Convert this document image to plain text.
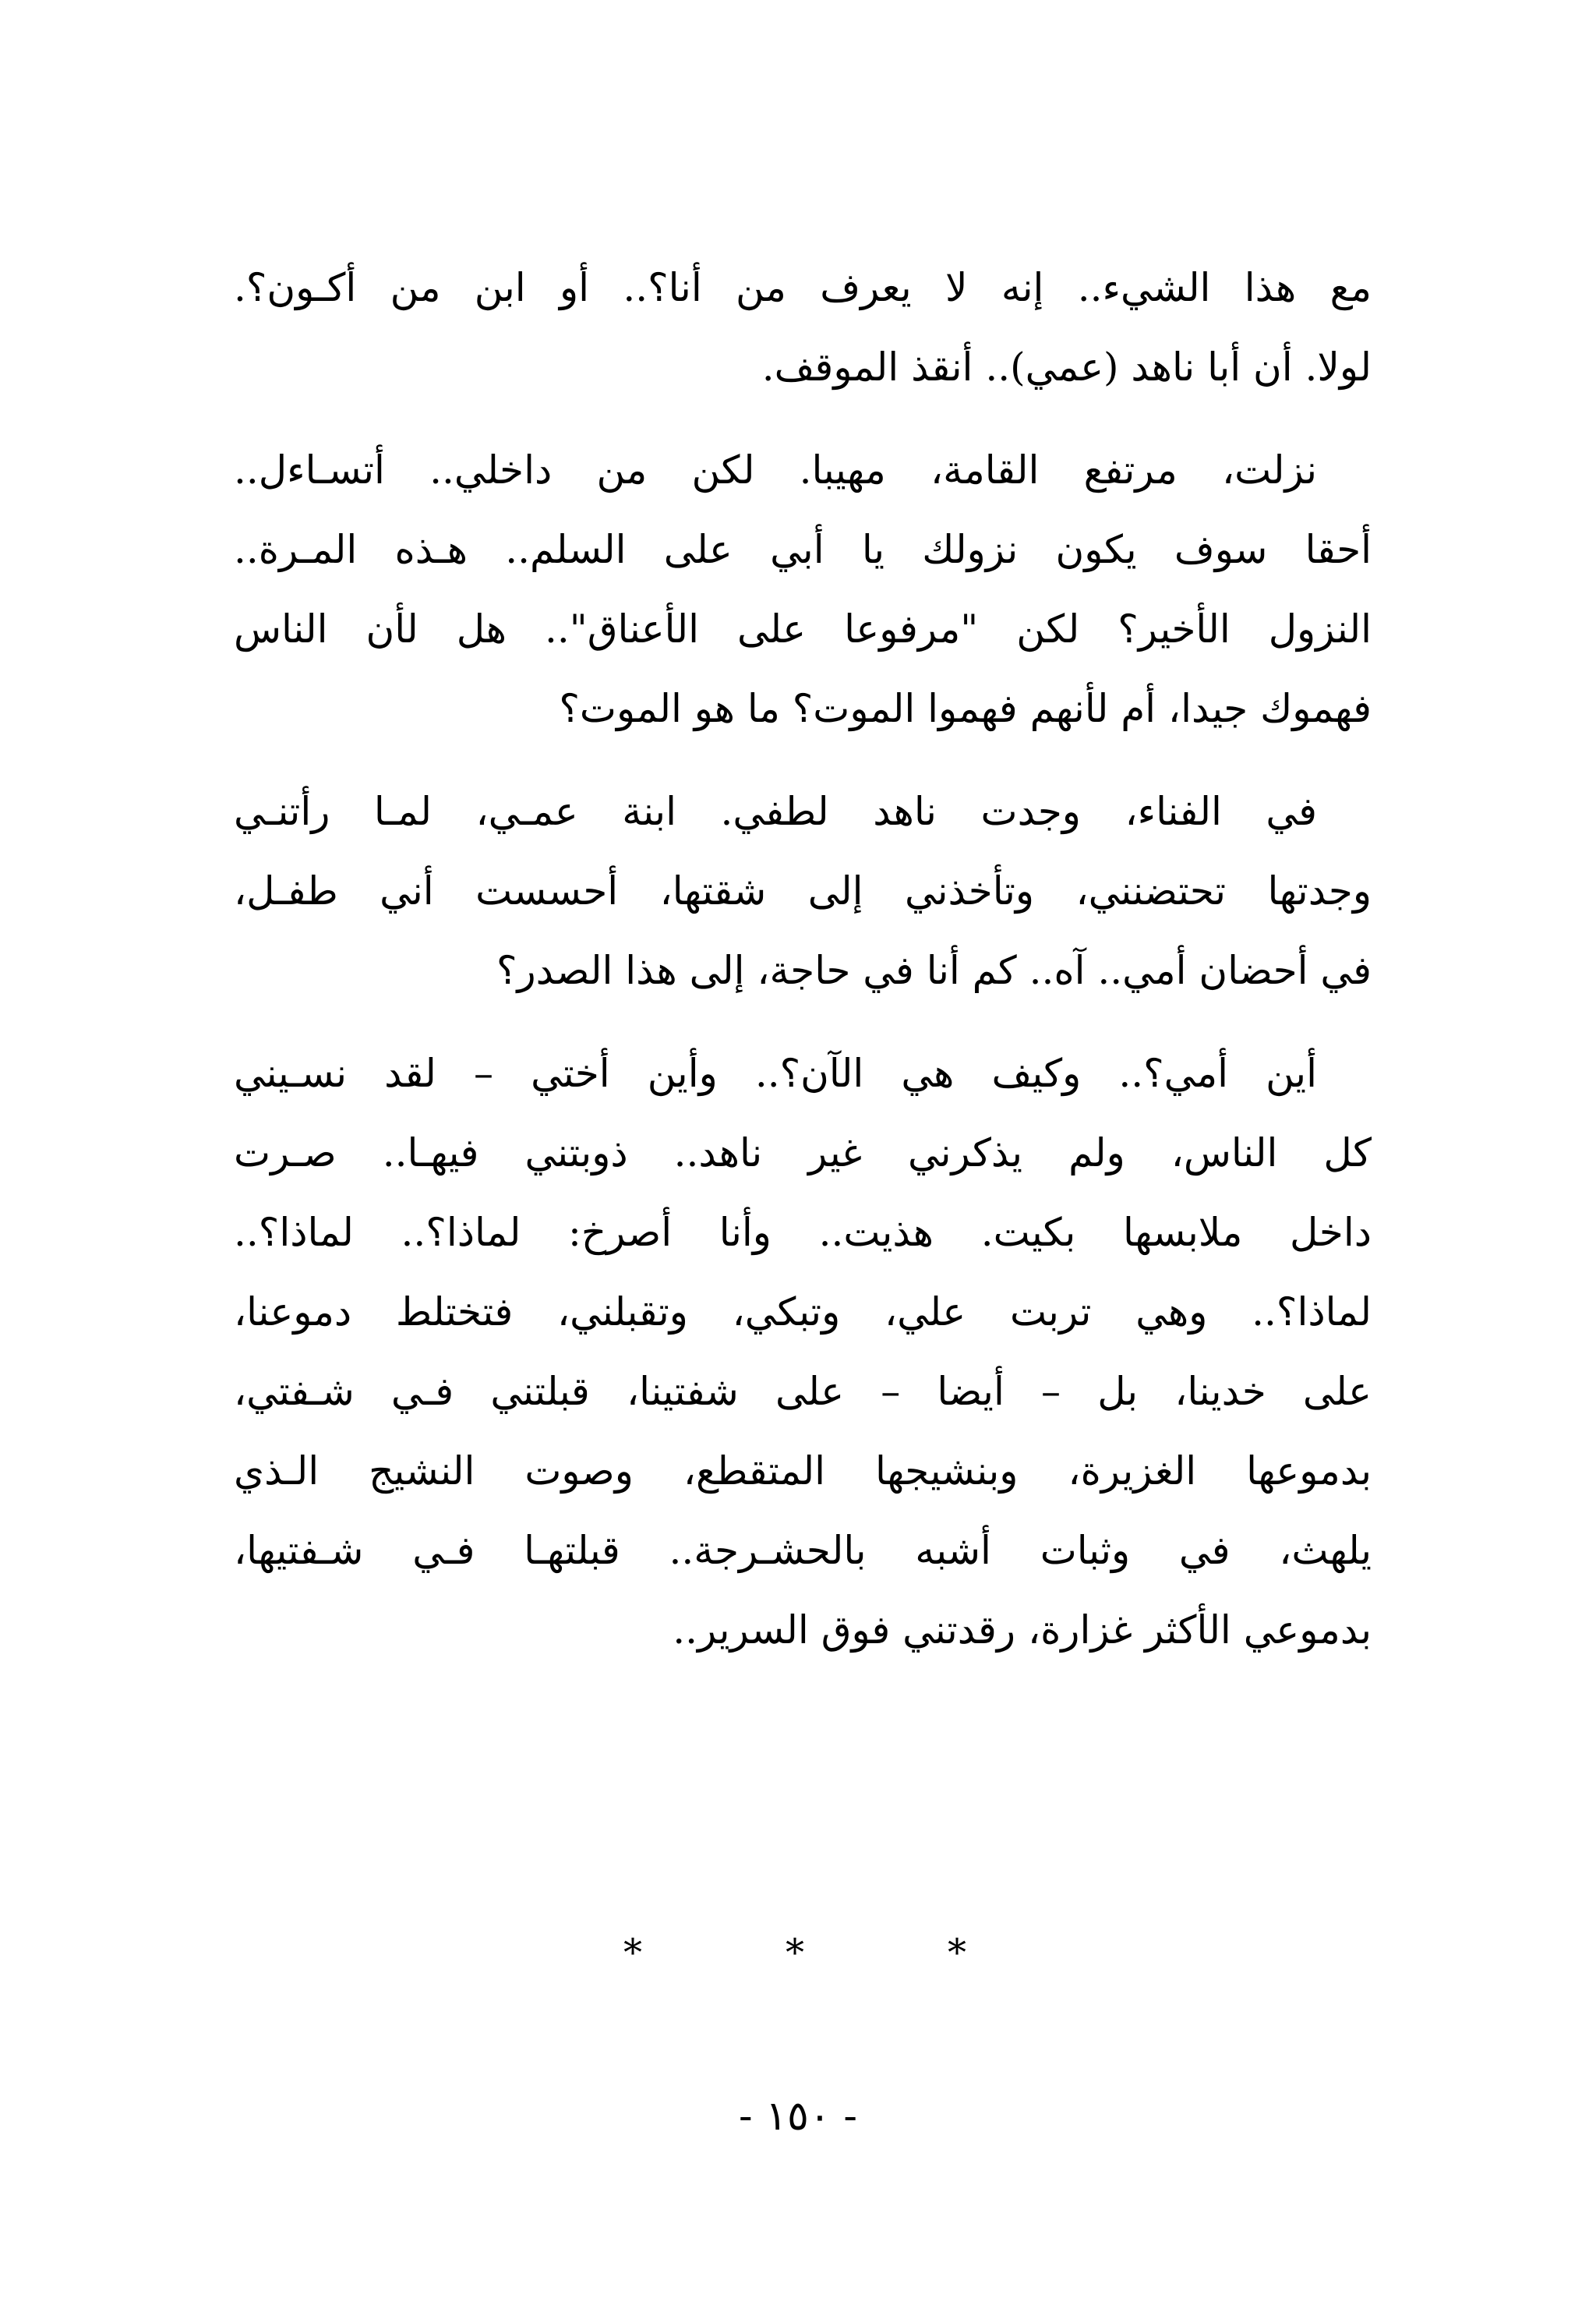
مع هذا الشيء.. إنه لا يعرف من أنا؟.. أو ابن من أكـون؟.
لولا. أن أبا ناهد (عمي).. أنقذ الموقف.
نزلت، مرتفع القامة، مهيبا. لكن من داخلي.. أتسـاءل..
أحقا سوف يكون نزولك يا أبي على السلم.. هـذه المـرة..
النزول الأخير؟ لكن "مرفوعا على الأعناق".. هل لأن الناس
فهموك جيدا، أم لأنهم فهموا الموت؟ ما هو الموت؟
في الفناء، وجدت ناهد لطفي. ابنة عمـي، لمـا رأتنـي
وجدتها تحتضنني، وتأخذني إلى شقتها، أحسست أني طفـل،
في أحضان أمي.. آه.. كم أنا في حاجة، إلى هذا الصدر؟
أين أمي؟.. وكيف هي الآن؟.. وأين أختي – لقد نسـيني
كل الناس، ولم يذكرني غير ناهد.. ذوبتني فيهـا.. صـرت
داخل ملابسها بكيت. هذيت.. وأنا أصرخ: لماذا؟.. لماذا؟..
لماذا؟.. وهي تربت علي، وتبكي، وتقبلني، فتختلط دموعنا،
على خدينا، بل – أيضا – على شفتينا، قبلتني فـي شـفتي،
بدموعها الغزيرة، وبنشيجها المتقطع، وصوت النشيج الـذي
يلهث، في وثبات أشبه بالحشـرجة.. قبلتهـا فـي شـفتيها،
بدموعي الأكثر غزارة، رقدتني فوق السرير..
*	*	*
- ١٥٠ -
